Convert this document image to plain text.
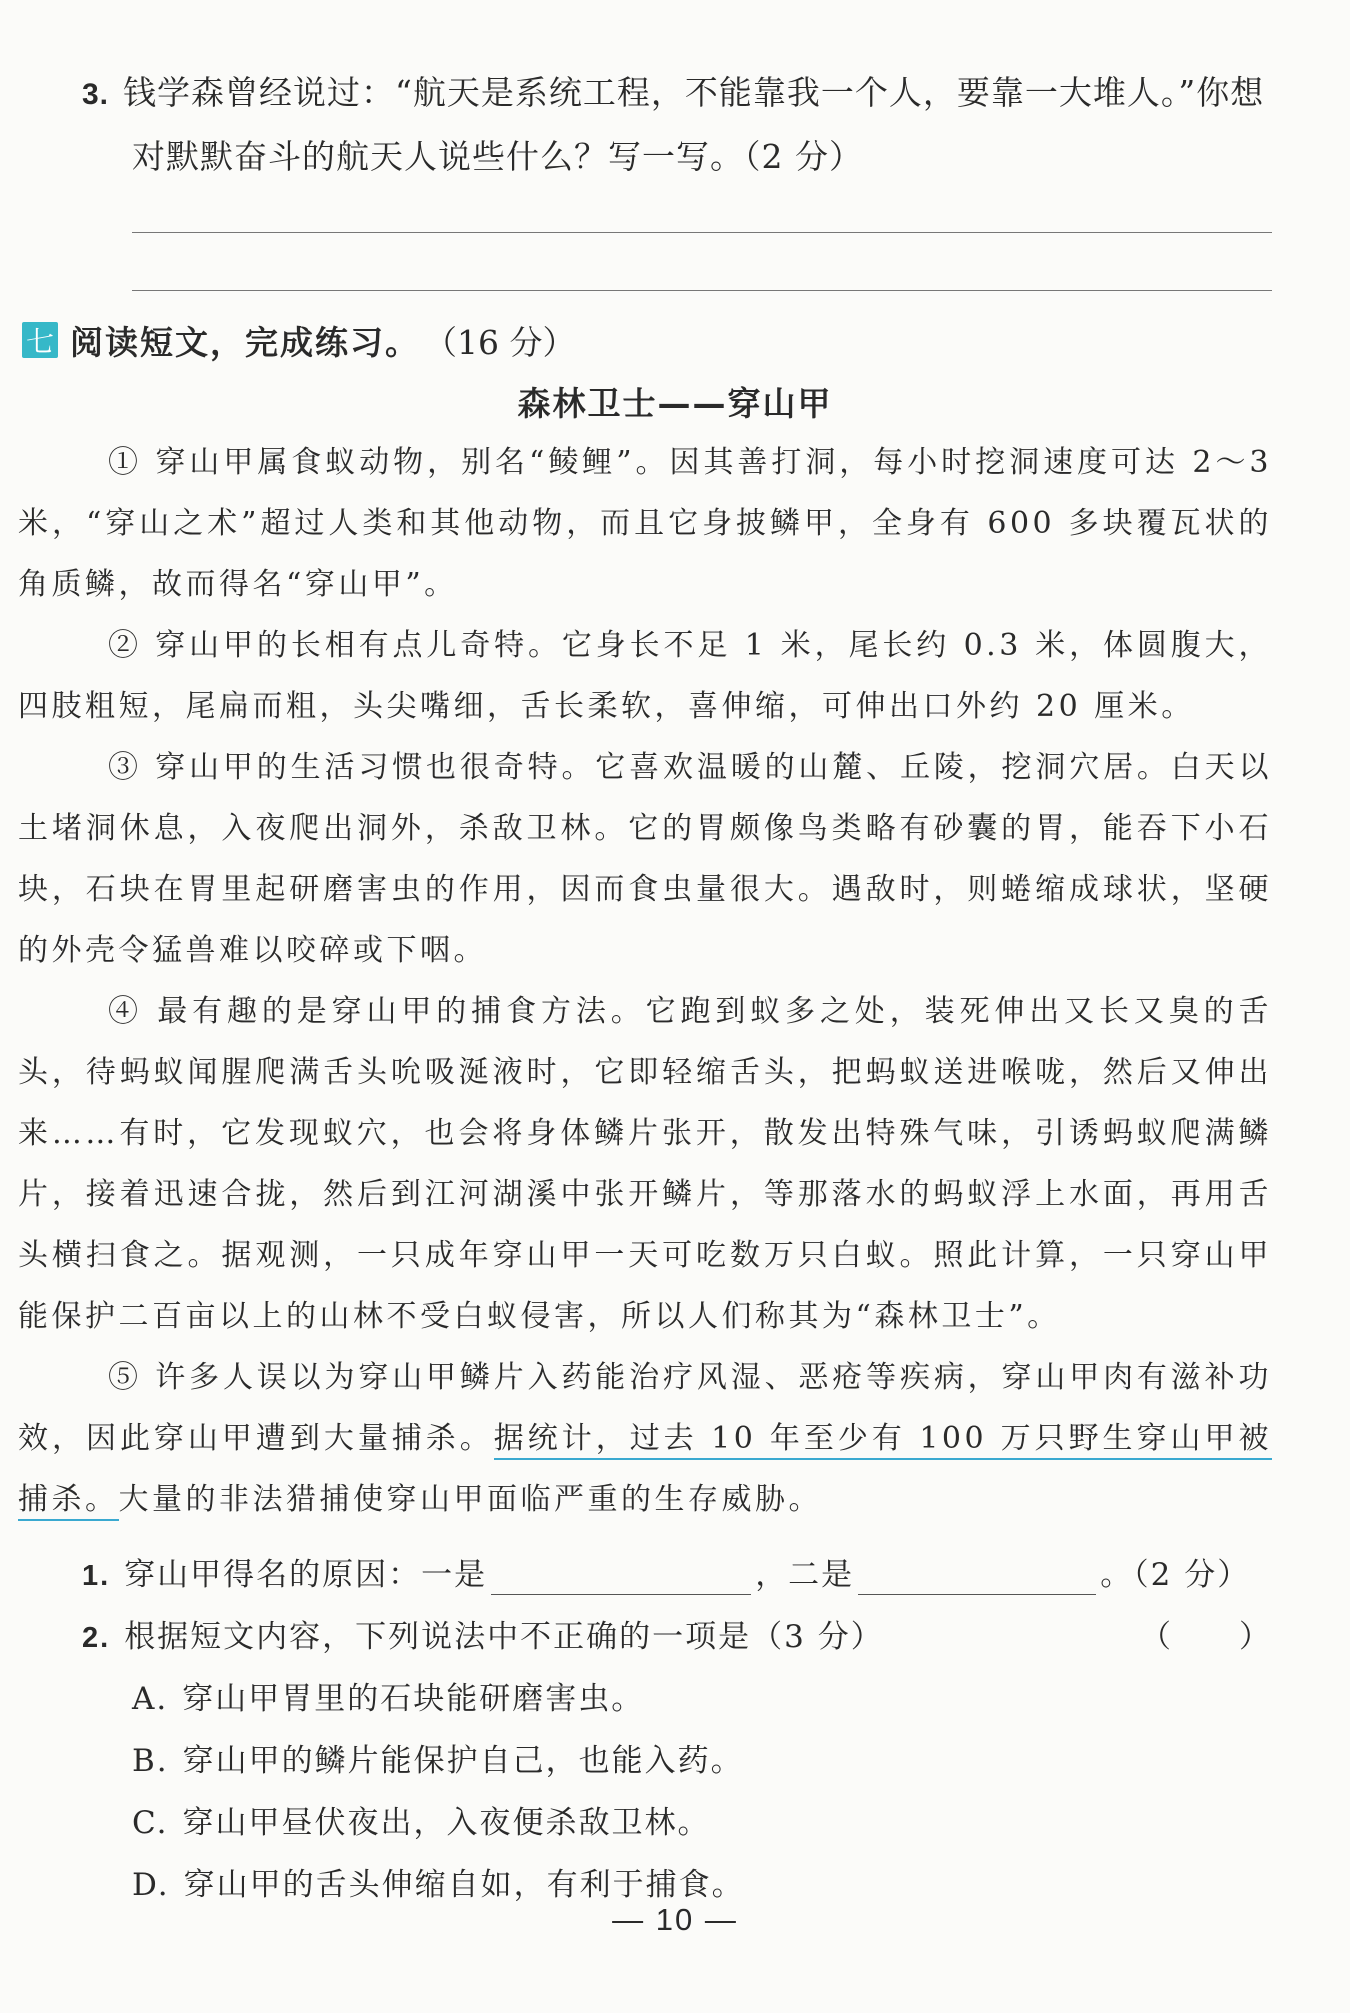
3. 钱学森曾经说过：“航天是系统工程，不能靠我一个人，要靠一大堆人。”你想
对默默奋斗的航天人说些什么？写一写。（2 分）
七 阅读短文，完成练习。 （16 分）
森林卫士——穿山甲

① 穿山甲属食蚁动物，别名“鲮鲤”。因其善打洞，每小时挖洞速度可达 2～3 米，“穿山之术”超过人类和其他动物，而且它身披鳞甲，全身有 600 多块覆瓦状的角质鳞，故而得名“穿山甲”。

② 穿山甲的长相有点儿奇特。它身长不足 1 米，尾长约 0.3 米，体圆腹大，四肢粗短，尾扁而粗，头尖嘴细，舌长柔软，喜伸缩，可伸出口外约 20 厘米。

③ 穿山甲的生活习惯也很奇特。它喜欢温暖的山麓、丘陵，挖洞穴居。白天以土堵洞休息，入夜爬出洞外，杀敌卫林。它的胃颇像鸟类略有砂囊的胃，能吞下小石块，石块在胃里起研磨害虫的作用，因而食虫量很大。遇敌时，则蜷缩成球状，坚硬的外壳令猛兽难以咬碎或下咽。

④ 最有趣的是穿山甲的捕食方法。它跑到蚁多之处，装死伸出又长又臭的舌头，待蚂蚁闻腥爬满舌头吮吸涎液时，它即轻缩舌头，把蚂蚁送进喉咙，然后又伸出来……有时，它发现蚁穴，也会将身体鳞片张开，散发出特殊气味，引诱蚂蚁爬满鳞片，接着迅速合拢，然后到江河湖溪中张开鳞片，等那落水的蚂蚁浮上水面，再用舌头横扫食之。据观测，一只成年穿山甲一天可吃数万只白蚁。照此计算，一只穿山甲能保护二百亩以上的山林不受白蚁侵害，所以人们称其为“森林卫士”。

⑤ 许多人误以为穿山甲鳞片入药能治疗风湿、恶疮等疾病，穿山甲肉有滋补功效，因此穿山甲遭到大量捕杀。据统计，过去 10 年至少有 100 万只野生穿山甲被捕杀。大量的非法猎捕使穿山甲面临严重的生存威胁。

1. 穿山甲得名的原因：一是	，二是	。（2 分）
2. 根据短文内容，下列说法中不正确的一项是（3 分）	（　　）
A. 穿山甲胃里的石块能研磨害虫。
B. 穿山甲的鳞片能保护自己，也能入药。
C. 穿山甲昼伏夜出，入夜便杀敌卫林。
D. 穿山甲的舌头伸缩自如，有利于捕食。
— 10 —
